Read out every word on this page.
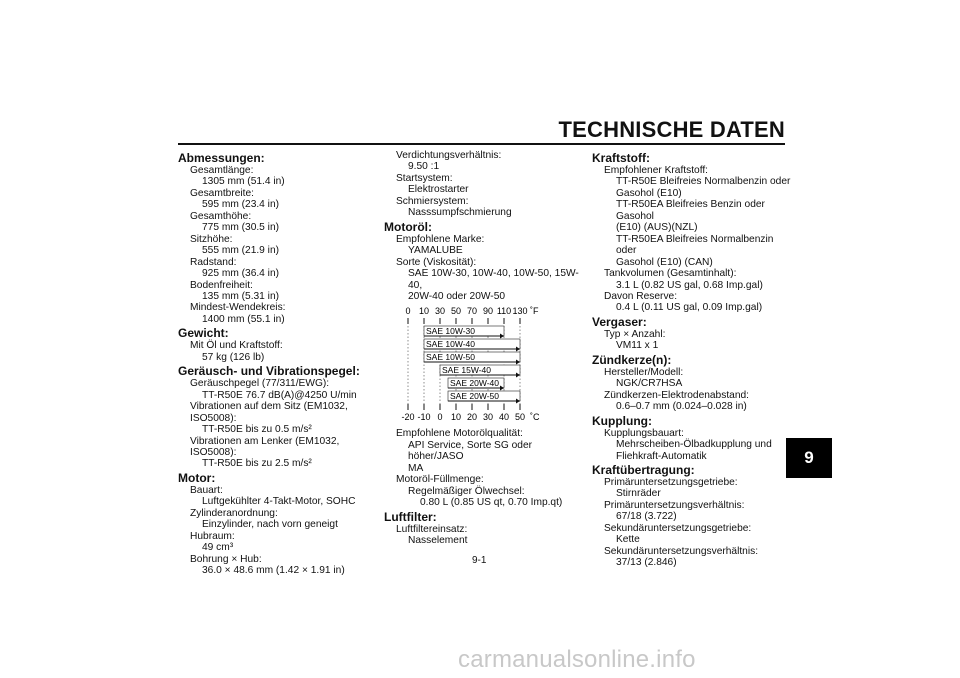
TECHNISCHE DATEN
9
Abmessungen:
Gesamtlänge:
1305 mm (51.4 in)
Gesamtbreite:
595 mm (23.4 in)
Gesamthöhe:
775 mm (30.5 in)
Sitzhöhe:
555 mm (21.9 in)
Radstand:
925 mm (36.4 in)
Bodenfreiheit:
135 mm (5.31 in)
Mindest-Wendekreis:
1400 mm (55.1 in)
Gewicht:
Mit Öl und Kraftstoff:
57 kg (126 lb)
Geräusch- und Vibrationspegel:
Geräuschpegel (77/311/EWG):
TT-R50E 76.7 dB(A)@4250 U/min
Vibrationen auf dem Sitz (EM1032, ISO5008):
TT-R50E bis zu 0.5 m/s²
Vibrationen am Lenker (EM1032, ISO5008):
TT-R50E bis zu 2.5 m/s²
Motor:
Bauart:
Luftgekühlter 4-Takt-Motor, SOHC
Zylinderanordnung:
Einzylinder, nach vorn geneigt
Hubraum:
49 cm³
Bohrung × Hub:
36.0 × 48.6 mm (1.42 × 1.91 in)
Verdichtungsverhältnis:
9.50 :1
Startsystem:
Elektrostarter
Schmiersystem:
Nasssumpfschmierung
Motoröl:
Empfohlene Marke:
YAMALUBE
Sorte (Viskosität):
SAE 10W-30, 10W-40, 10W-50, 15W-40,
20W-40 oder 20W-50
0
-20
10
-10
30
0
50
10
70
20
90
30
110
40
130
50
˚F
˚C
SAE 10W-30
SAE 10W-40
SAE 10W-50
SAE 15W-40
SAE 20W-40
SAE 20W-50
Empfohlene Motorölqualität:
API Service, Sorte SG oder höher/JASO
MA
Motoröl-Füllmenge:
Regelmäßiger Ölwechsel:
0.80 L (0.85 US qt, 0.70 Imp.qt)
Luftfilter:
Luftfiltereinsatz:
Nasselement
Kraftstoff:
Empfohlener Kraftstoff:
TT-R50E Bleifreies Normalbenzin oder
Gasohol (E10)
TT-R50EA Bleifreies Benzin oder Gasohol
(E10) (AUS)(NZL)
TT-R50EA Bleifreies Normalbenzin oder
Gasohol (E10) (CAN)
Tankvolumen (Gesamtinhalt):
3.1 L (0.82 US gal, 0.68 Imp.gal)
Davon Reserve:
0.4 L (0.11 US gal, 0.09 Imp.gal)
Vergaser:
Typ × Anzahl:
VM11 x 1
Zündkerze(n):
Hersteller/Modell:
NGK/CR7HSA
Zündkerzen-Elektrodenabstand:
0.6–0.7 mm (0.024–0.028 in)
Kupplung:
Kupplungsbauart:
Mehrscheiben-Ölbadkupplung und
Fliehkraft-Automatik
Kraftübertragung:
Primäruntersetzungsgetriebe:
Stirnräder
Primäruntersetzungsverhältnis:
67/18 (3.722)
Sekundäruntersetzungsgetriebe:
Kette
Sekundäruntersetzungsverhältnis:
37/13 (2.846)
9-1
carmanualsonline.info
